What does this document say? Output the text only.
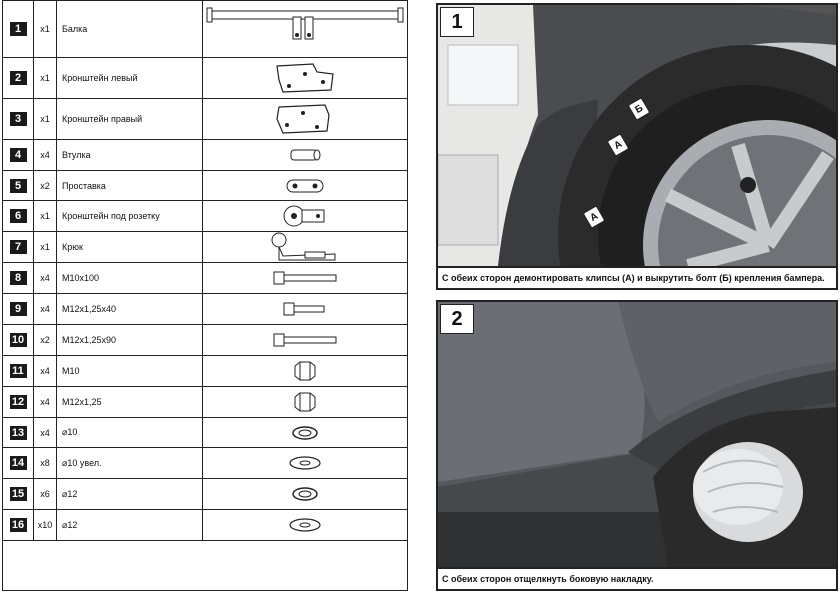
1	x1	Балка
2	x1	Кронштейн левый
3	x1	Кронштейн правый
4	x4	Втулка
5	x2	Проставка
6	x1	Кронштейн под розетку
7	x1	Крюк
8	x4	M10x100
9	x4	M12x1,25x40
10	x2	M12x1,25x90
11	x4	M10
12	x4	M12x1,25
13	x4	⌀10
14	x8	⌀10 увел.
15	x6	⌀12
16	x10	⌀12
Б
А
А
1
С обеих сторон демонтировать клипсы (А) и выкрутить болт (Б) крепления бампера.
2
С обеих сторон отщелкнуть боковую накладку.
